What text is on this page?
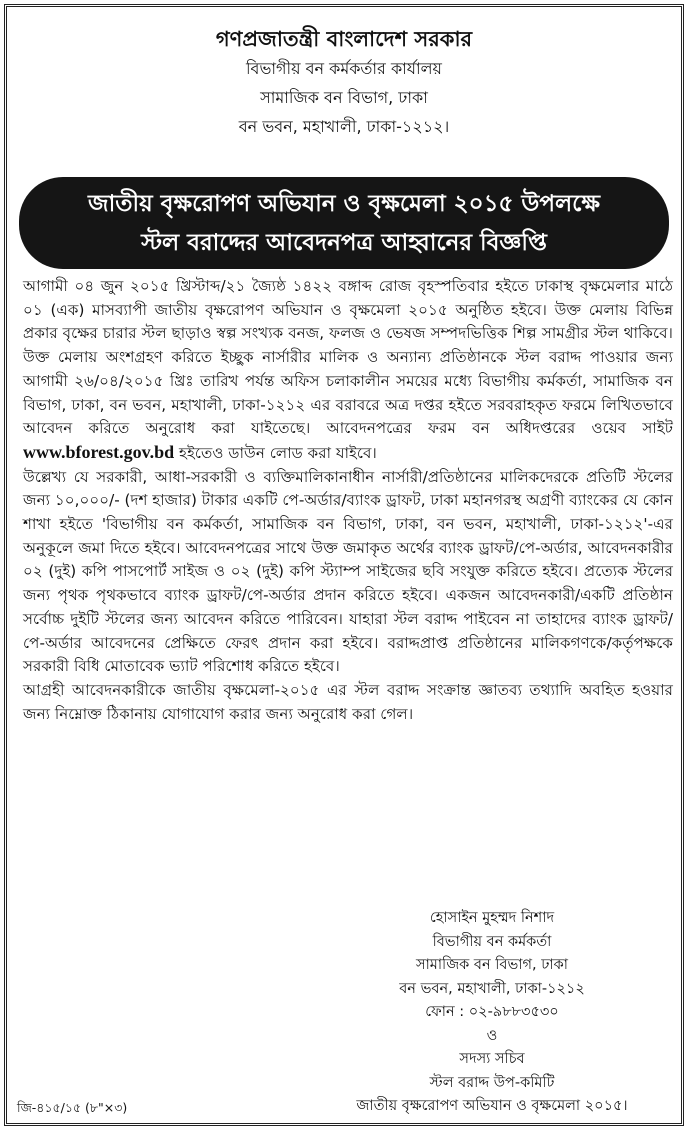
গণপ্রজাতন্ত্রী বাংলাদেশ সরকার
বিভাগীয় বন কর্মকর্তার কার্যালয়
সামাজিক বন বিভাগ, ঢাকা
বন ভবন, মহাখালী, ঢাকা-১২১২।
জাতীয় বৃক্ষরোপণ অভিযান ও বৃক্ষমেলা ২০১৫ উপলক্ষে
স্টল বরাদ্দের আবেদনপত্র আহ্বানের বিজ্ঞপ্তি

আগামী ০৪ জুন ২০১৫ খ্রিস্টাব্দ/২১ জ্যৈষ্ঠ ১৪২২ বঙ্গাব্দ রোজ বৃহস্পতিবার হইতে ঢাকাস্থ বৃক্ষমেলার মাঠে ০১ (এক) মাসব্যাপী জাতীয় বৃক্ষরোপণ অভিযান ও বৃক্ষমেলা ২০১৫ অনুষ্ঠিত হইবে। উক্ত মেলায় বিভিন্ন প্রকার বৃক্ষের চারার স্টল ছাড়াও স্বল্প সংখ্যক বনজ, ফলজ ও ভেষজ সম্পদভিত্তিক শিল্প সামগ্রীর স্টল থাকিবে। উক্ত মেলায় অংশগ্রহণ করিতে ইচ্ছুক নার্সারীর মালিক ও অন্যান্য প্রতিষ্ঠানকে স্টল বরাদ্দ পাওয়ার জন্য আগামী ২৬/০৪/২০১৫ খ্রিঃ তারিখ পর্যন্ত অফিস চলাকালীন সময়ের মধ্যে বিভাগীয় কর্মকর্তা, সামাজিক বন বিভাগ, ঢাকা, বন ভবন, মহাখালী, ঢাকা-১২১২ এর বরাবরে অত্র দপ্তর হইতে সরবরাহকৃত ফরমে লিখিতভাবে আবেদন করিতে অনুরোধ করা যাইতেছে। আবেদনপত্রের ফরম বন অধিদপ্তরের ওয়েব সাইট www.bforest.gov.bd হইতেও ডাউন লোড করা যাইবে।

উল্লেখ্য যে সরকারী, আধা-সরকারী ও ব্যক্তিমালিকানাধীন নার্সারী/প্রতিষ্ঠানের মালিকদেরকে প্রতিটি স্টলের জন্য ১০,০০০/- (দশ হাজার) টাকার একটি পে-অর্ডার/ব্যাংক ড্রাফট, ঢাকা মহানগরস্থ অগ্রণী ব্যাংকের যে কোন শাখা হইতে 'বিভাগীয় বন কর্মকর্তা, সামাজিক বন বিভাগ, ঢাকা, বন ভবন, মহাখালী, ঢাকা-১২১২'-এর অনুকূলে জমা দিতে হইবে। আবেদনপত্রের সাথে উক্ত জমাকৃত অর্থের ব্যাংক ড্রাফট/পে-অর্ডার, আবেদনকারীর ০২ (দুই) কপি পাসপোর্ট সাইজ ও ০২ (দুই) কপি স্ট্যাম্প সাইজের ছবি সংযুক্ত করিতে হইবে। প্রত্যেক স্টলের জন্য পৃথক পৃথকভাবে ব্যাংক ড্রাফট/পে-অর্ডার প্রদান করিতে হইবে। একজন আবেদনকারী/একটি প্রতিষ্ঠান সর্বোচ্চ দুইটি স্টলের জন্য আবেদন করিতে পারিবেন। যাহারা স্টল বরাদ্দ পাইবেন না তাহাদের ব্যাংক ড্রাফট/পে-অর্ডার আবেদনের প্রেক্ষিতে ফেরৎ প্রদান করা হইবে। বরাদ্দপ্রাপ্ত প্রতিষ্ঠানের মালিকগণকে/কর্তৃপক্ষকে সরকারী বিধি মোতাবেক ভ্যাট পরিশোধ করিতে হইবে।

আগ্রহী আবেদনকারীকে জাতীয় বৃক্ষমেলা-২০১৫ এর স্টল বরাদ্দ সংক্রান্ত জ্ঞাতব্য তথ্যাদি অবহিত হওয়ার জন্য নিম্নোক্ত ঠিকানায় যোগাযোগ করার জন্য অনুরোধ করা গেল।

হোসাইন মুহম্মদ নিশাদ
বিভাগীয় বন কর্মকর্তা
সামাজিক বন বিভাগ, ঢাকা
বন ভবন, মহাখালী, ঢাকা-১২১২
ফোন : ০২-৯৮৮৩৫৩০
ও
সদস্য সচিব
স্টল বরাদ্দ উপ-কমিটি
জাতীয় বৃক্ষরোপণ অভিযান ও বৃক্ষমেলা ২০১৫।
জি-৪১৫/১৫ (৮"×৩)
